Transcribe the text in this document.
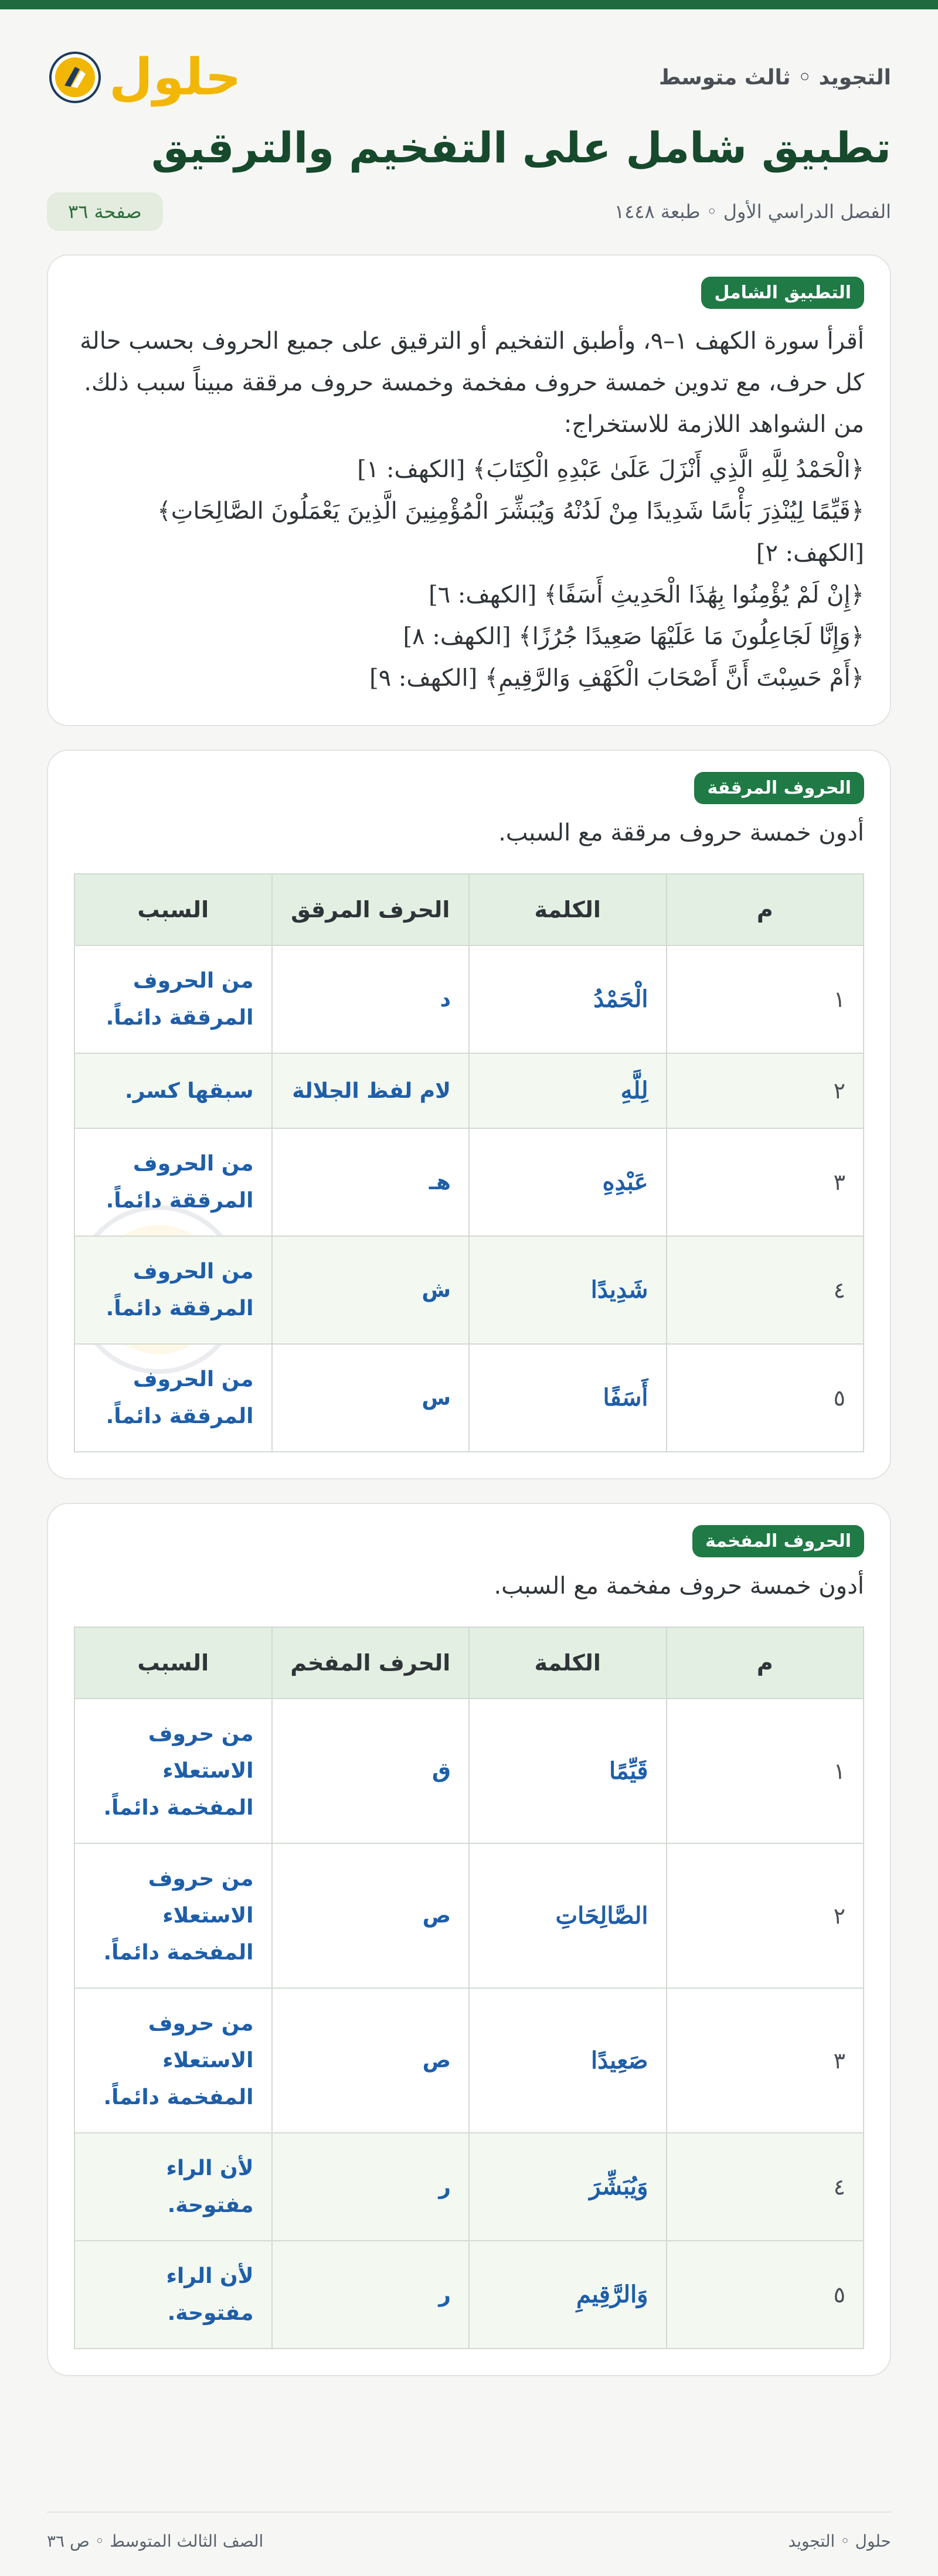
التجويد ◦ ثالث متوسط
حلول
تطبيق شامل على التفخيم والترقيق
الفصل الدراسي الأول ◦ طبعة ١٤٤٨
صفحة ٣٦
التطبيق الشامل

أقرأ سورة الكهف ١–٩، وأطبق التفخيم أو الترقيق على جميع الحروف بحسب حالة كل حرف، مع تدوين خمسة حروف مفخمة وخمسة حروف مرققة مبيناً سبب ذلك.

من الشواهد اللازمة للاستخراج:

﴿الْحَمْدُ لِلَّهِ الَّذِي أَنْزَلَ عَلَىٰ عَبْدِهِ الْكِتَابَ﴾ [الكهف: ١]

﴿قَيِّمًا لِيُنْذِرَ بَأْسًا شَدِيدًا مِنْ لَدُنْهُ وَيُبَشِّرَ الْمُؤْمِنِينَ الَّذِينَ يَعْمَلُونَ الصَّالِحَاتِ﴾ [الكهف: ٢]

﴿إِنْ لَمْ يُؤْمِنُوا بِهَٰذَا الْحَدِيثِ أَسَفًا﴾ [الكهف: ٦]

﴿وَإِنَّا لَجَاعِلُونَ مَا عَلَيْهَا صَعِيدًا جُرُزًا﴾ [الكهف: ٨]

﴿أَمْ حَسِبْتَ أَنَّ أَصْحَابَ الْكَهْفِ وَالرَّقِيمِ﴾ [الكهف: ٩]

الحروف المرققة

أدون خمسة حروف مرققة مع السبب.

م	الكلمة	الحرف المرقق	السبب
١	الْحَمْدُ	د	من الحروف المرققة دائماً.
٢	لِلَّهِ	لام لفظ الجلالة	سبقها كسر.
٣	عَبْدِهِ	هـ	من الحروف المرققة دائماً.
٤	شَدِيدًا	ش	من الحروف المرققة دائماً.
٥	أَسَفًا	س	من الحروف المرققة دائماً.
الحروف المفخمة

أدون خمسة حروف مفخمة مع السبب.

م	الكلمة	الحرف المفخم	السبب
١	قَيِّمًا	ق	من حروف الاستعلاء المفخمة دائماً.
٢	الصَّالِحَاتِ	ص	من حروف الاستعلاء المفخمة دائماً.
٣	صَعِيدًا	ص	من حروف الاستعلاء المفخمة دائماً.
٤	وَيُبَشِّرَ	ر	لأن الراء مفتوحة.
٥	وَالرَّقِيمِ	ر	لأن الراء مفتوحة.
حلول ◦ التجويد
الصف الثالث المتوسط ◦ ص ٣٦
